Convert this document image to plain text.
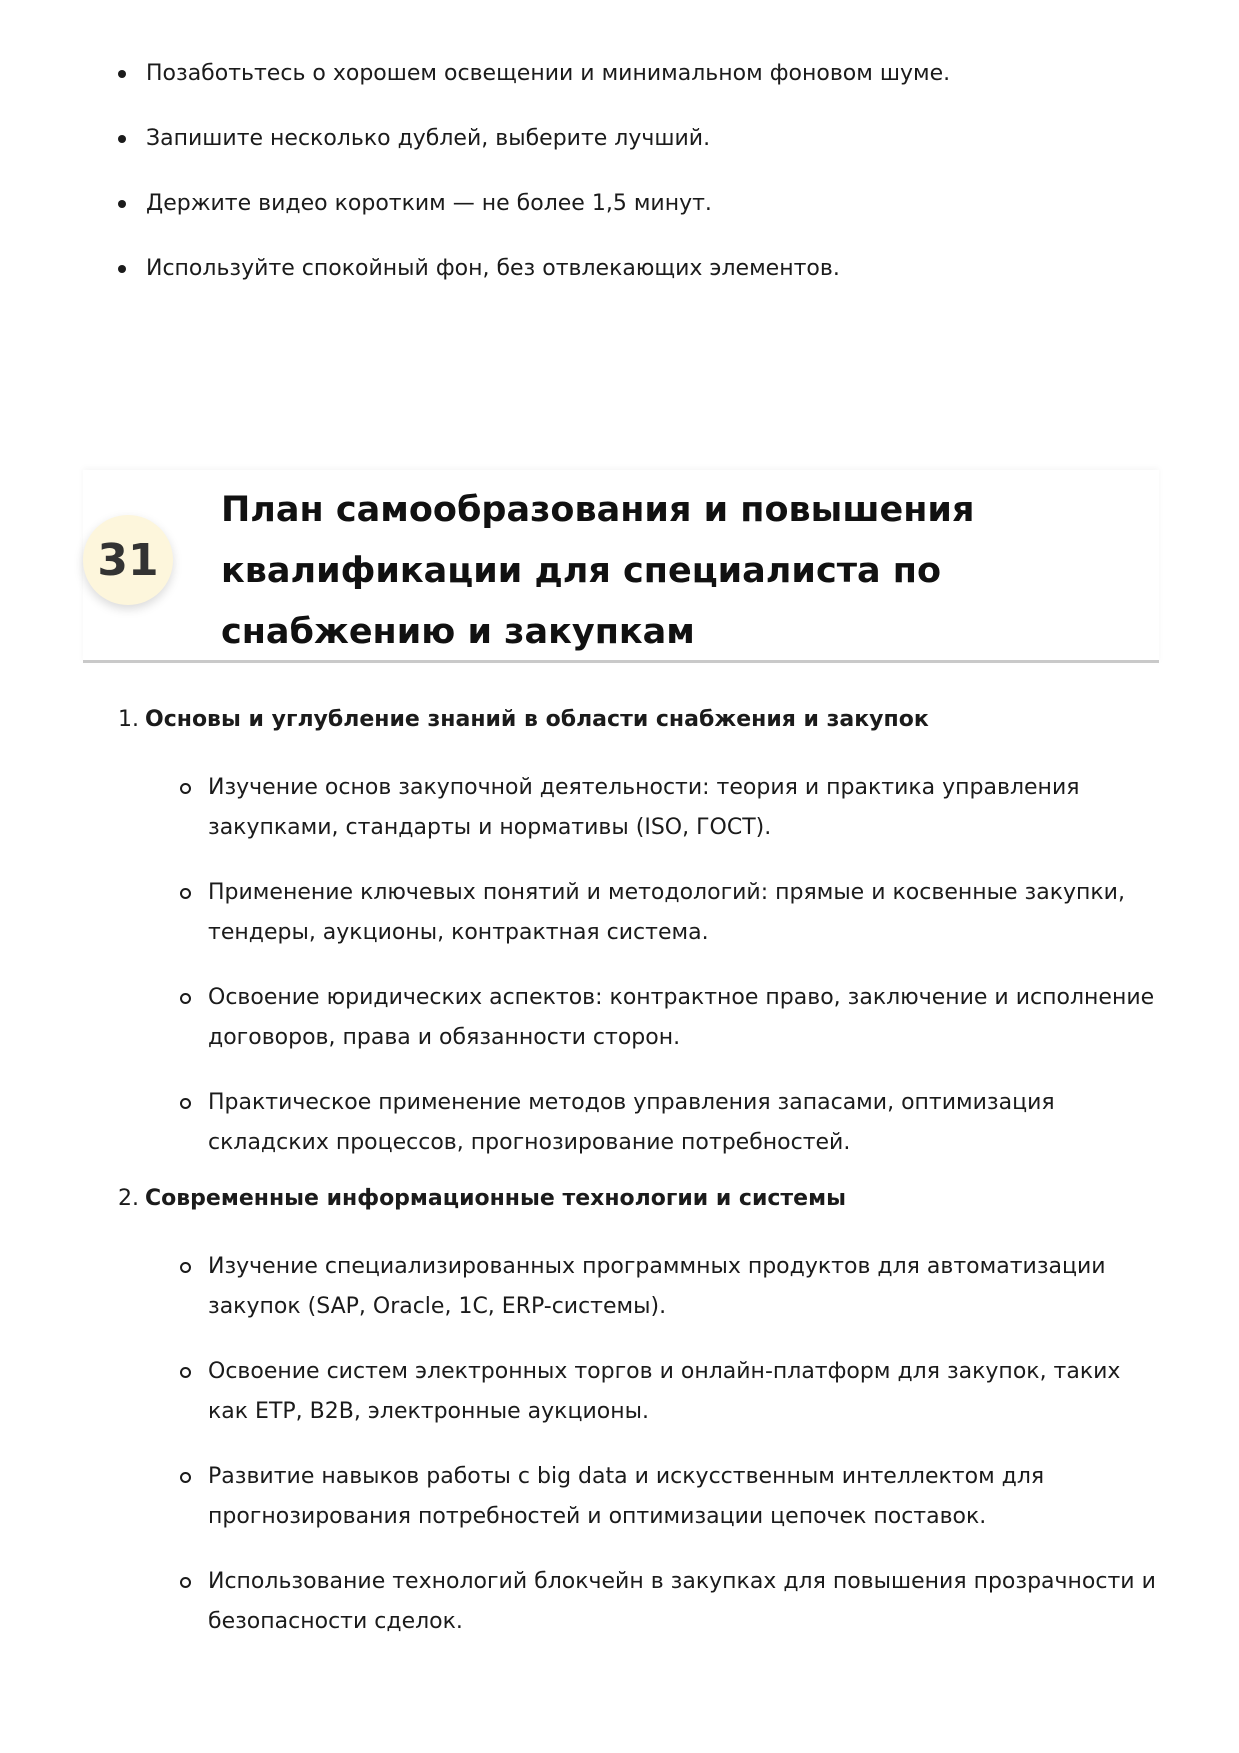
Позаботьтесь о хорошем освещении и минимальном фоновом шуме.
Запишите несколько дублей, выберите лучший.
Держите видео коротким — не более 1,5 минут.
Используйте спокойный фон, без отвлекающих элементов.
31
План самообразования и повышения квалификации для специалиста по снабжению и закупкам
1. Основы и углубление знаний в области снабжения и закупок
Изучение основ закупочной деятельности: теория и практика управления закупками, стандарты и нормативы (ISO, ГОСТ).
Применение ключевых понятий и методологий: прямые и косвенные закупки, тендеры, аукционы, контрактная система.
Освоение юридических аспектов: контрактное право, заключение и исполнение договоров, права и обязанности сторон.
Практическое применение методов управления запасами, оптимизация складских процессов, прогнозирование потребностей.
2. Современные информационные технологии и системы
Изучение специализированных программных продуктов для автоматизации закупок (SAP, Oracle, 1С, ERP-системы).
Освоение систем электронных торгов и онлайн-платформ для закупок, таких как ETP, B2B, электронные аукционы.
Развитие навыков работы с big data и искусственным интеллектом для прогнозирования потребностей и оптимизации цепочек поставок.
Использование технологий блокчейн в закупках для повышения прозрачности и безопасности сделок.
